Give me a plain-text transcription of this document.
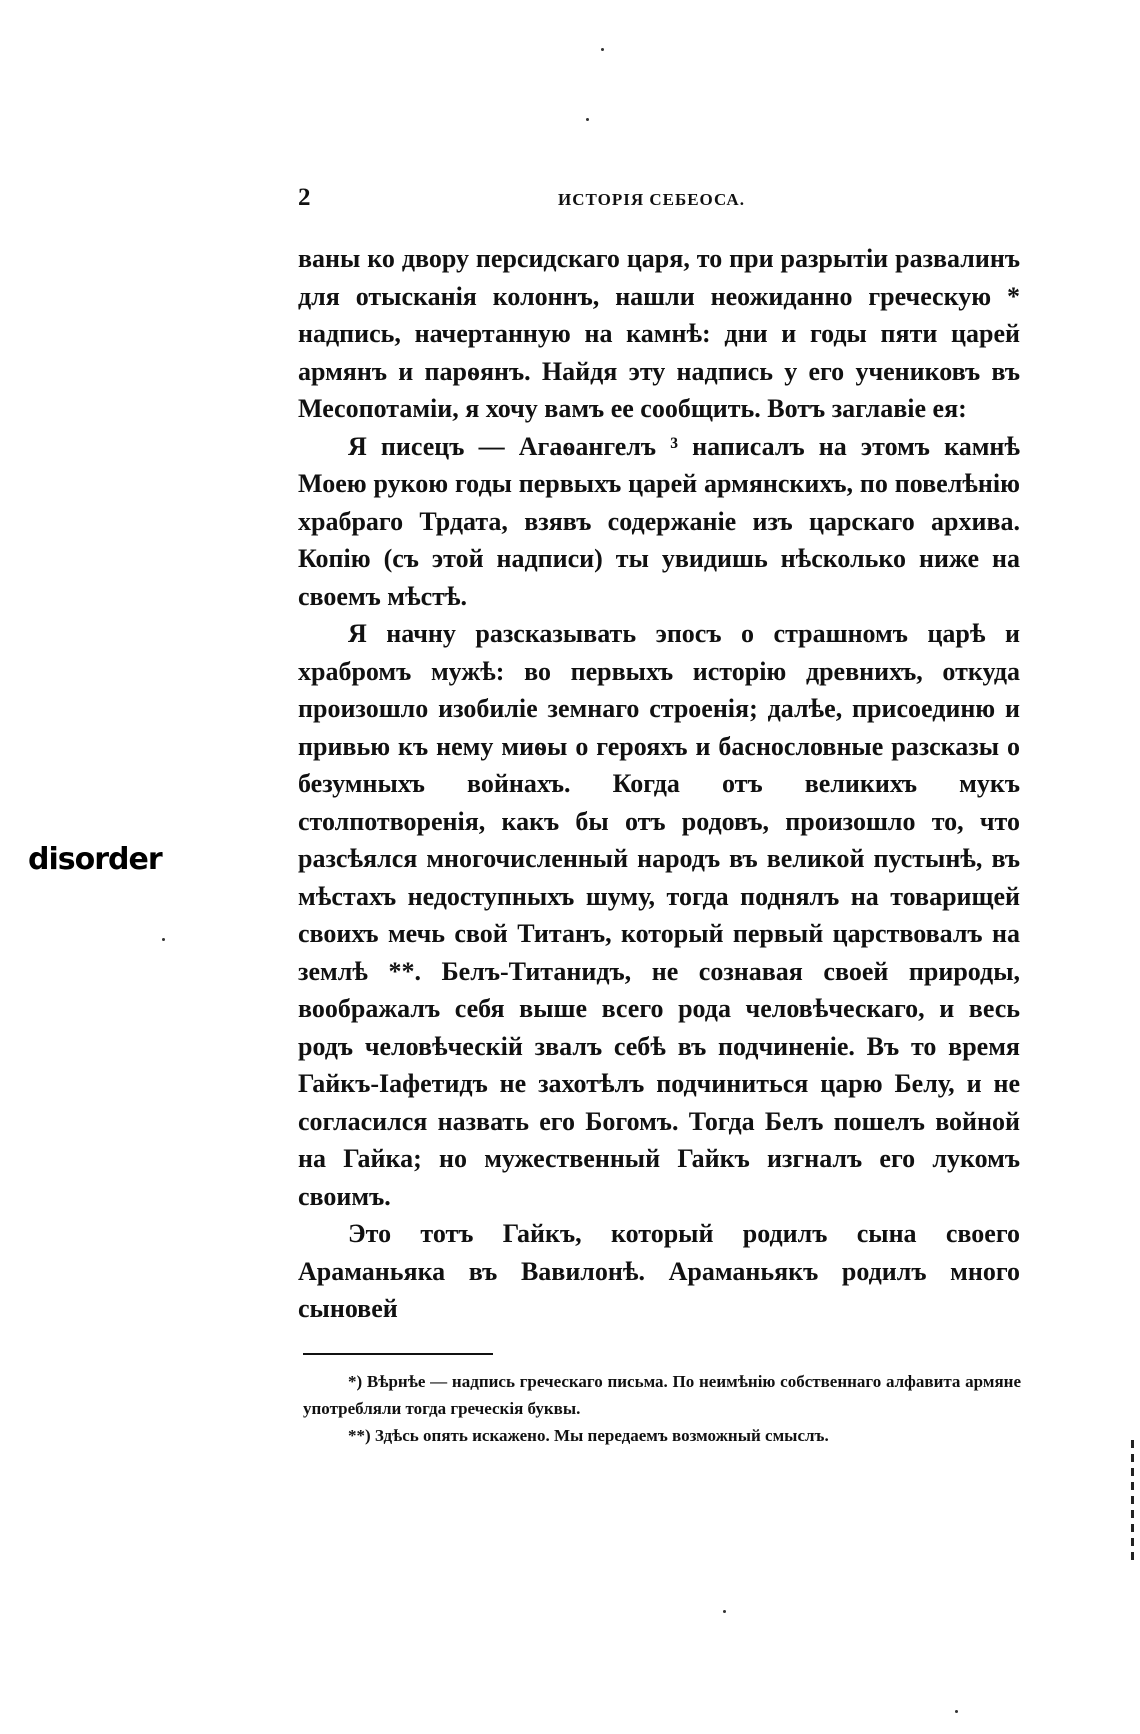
2	ИСТОРІЯ СЕБЕОСА.
disorder

ваны ко двору персидскаго царя, то при разрытіи развалинъ для отысканія колоннъ, нашли неожиданно греческую * надпись, начертанную на камнѣ: дни и годы пяти царей армянъ и парѳянъ. Найдя эту надпись у его учениковъ въ Месопотаміи, я хочу вамъ ее сообщить. Вотъ заглавіе ея:

Я писецъ — Агаѳангелъ ³ написалъ на этомъ камнѣ Моею рукою годы первыхъ царей армянскихъ, по повелѣнію храбраго Трдата, взявъ содержаніе изъ царскаго архива. Копію (съ этой надписи) ты увидишь нѣсколько ниже на своемъ мѣстѣ.

Я начну разсказывать эпосъ о страшномъ царѣ и храбромъ мужѣ: во первыхъ исторію древнихъ, откуда произошло изобиліе земнаго строенія; далѣе, присоединю и привью къ нему миѳы о герояхъ и баснословные разсказы о безумныхъ войнахъ. Когда отъ великихъ мукъ столпотворенія, какъ бы отъ родовъ, произошло то, что разсѣялся многочисленный народъ въ великой пустынѣ, въ мѣстахъ недоступныхъ шуму, тогда поднялъ на товарищей своихъ мечь свой Титанъ, который первый царствовалъ на землѣ **. Белъ-Титанидъ, не сознавая своей природы, воображалъ себя выше всего рода человѣческаго, и весь родъ человѣческій звалъ себѣ въ подчиненіе. Въ то время Гайкъ-Іафетидъ не захотѣлъ подчиниться царю Белу, и не согласился назвать его Богомъ. Тогда Белъ пошелъ войной на Гайка; но мужественный Гайкъ изгналъ его лукомъ своимъ.

Это тотъ Гайкъ, который родилъ сына своего Араманьяка въ Вавилонѣ. Араманьякъ родилъ много сыновей

*) Вѣрнѣе — надпись греческаго письма. По неимѣнію собственнаго алфавита армяне употребляли тогда греческія буквы.

**) Здѣсь опять искажено. Мы передаемъ возможный смыслъ.
